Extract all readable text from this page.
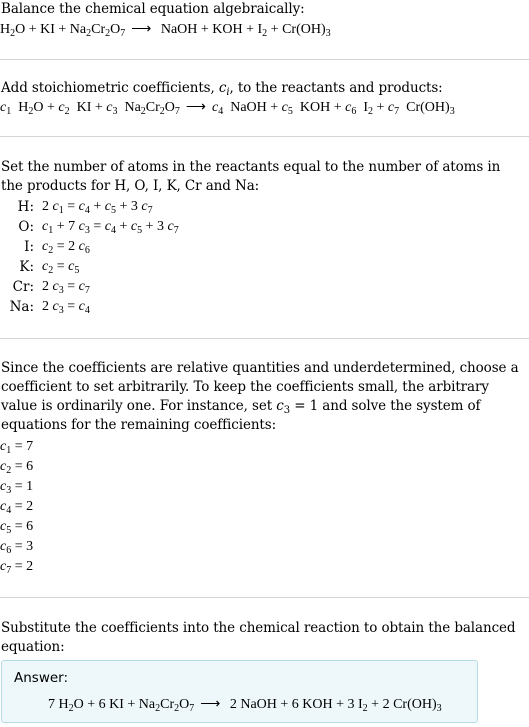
Balance the chemical equation algebraically:
$H_2O$ + KI + $Na_2Cr_2O_7$ ⟶ NaOH + KOH + $I_2 + Cr(OH)_3$
Add stoichiometric coefficients, $c_i$, to the reactants and products:
$c_1$  $H_2O + c_2$  KI + $c_3$  $Na_2Cr_2O_7$ ⟶ $c_4$  NaOH + $c_5$  KOH + $c_6$  $I_2 + c_7$  $Cr(OH)_3$
Set the number of atoms in the reactants equal to the number of atoms in the products for H, O, I, K, Cr and Na:
H:	2 $c_1 = c_4 + c_5 + 3$ $c_7$
O:	$c_1 + 7$ $c_3 = c_4 + c_5 + 3$ $c_7$
I:	$c_2 = 2$ $c_6$
K:	$c_2 = c_5$
Cr:	2 $c_3 = c_7$
Na:	2 $c_3 = c_4$
Since the coefficients are relative quantities and underdetermined, choose a coefficient to set arbitrarily. To keep the coefficients small, the arbitrary value is ordinarily one. For instance, set $c_3 = 1$ and solve the system of equations for the remaining coefficients:
$c_1 = 7$
$c_2 = 6$
$c_3 = 1$
$c_4 = 2$
$c_5 = 6$
$c_6 = 3$
$c_7 = 2$
Substitute the coefficients into the chemical reaction to obtain the balanced equation:
Answer:
7 $H_2O + 6$ KI + $Na_2Cr_2O_7$ ⟶ 2 NaOH + 6 KOH + 3 $I_2 + 2$ $Cr(OH)_3$
